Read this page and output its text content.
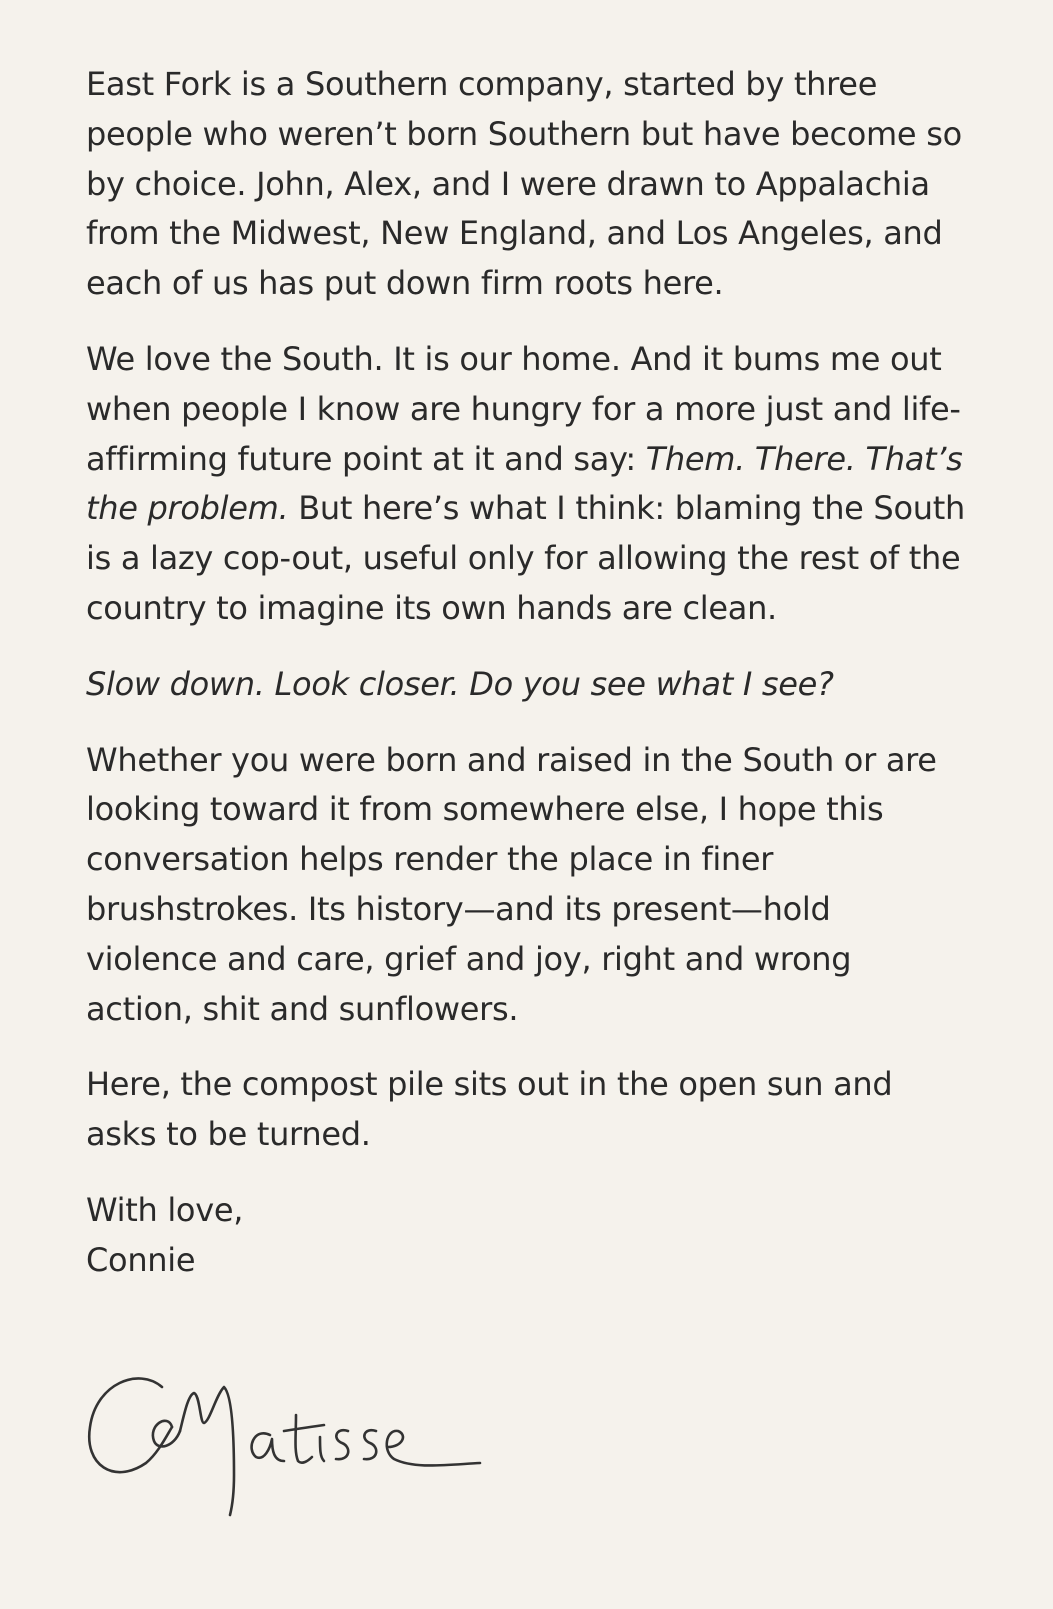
East Fork is a Southern company, started by three people who weren’t born Southern but have become so by choice. John, Alex, and I were drawn to Appalachia from the Midwest, New England, and Los Angeles, and each of us has put down firm roots here.

We love the South. It is our home. And it bums me out when people I know are hungry for a more just and life-affirming future point at it and say: Them. There. That’s the problem. But here’s what I think: blaming the South is a lazy cop-out, useful only for allowing the rest of the country to imagine its own hands are clean.

Slow down. Look closer. Do you see what I see?

Whether you were born and raised in the South or are looking toward it from somewhere else, I hope this conversation helps render the place in finer brushstrokes. Its history—and its present—hold violence and care, grief and joy, right and wrong action, shit and sunflowers.

Here, the compost pile sits out in the open sun and asks to be turned.

With love,
Connie
